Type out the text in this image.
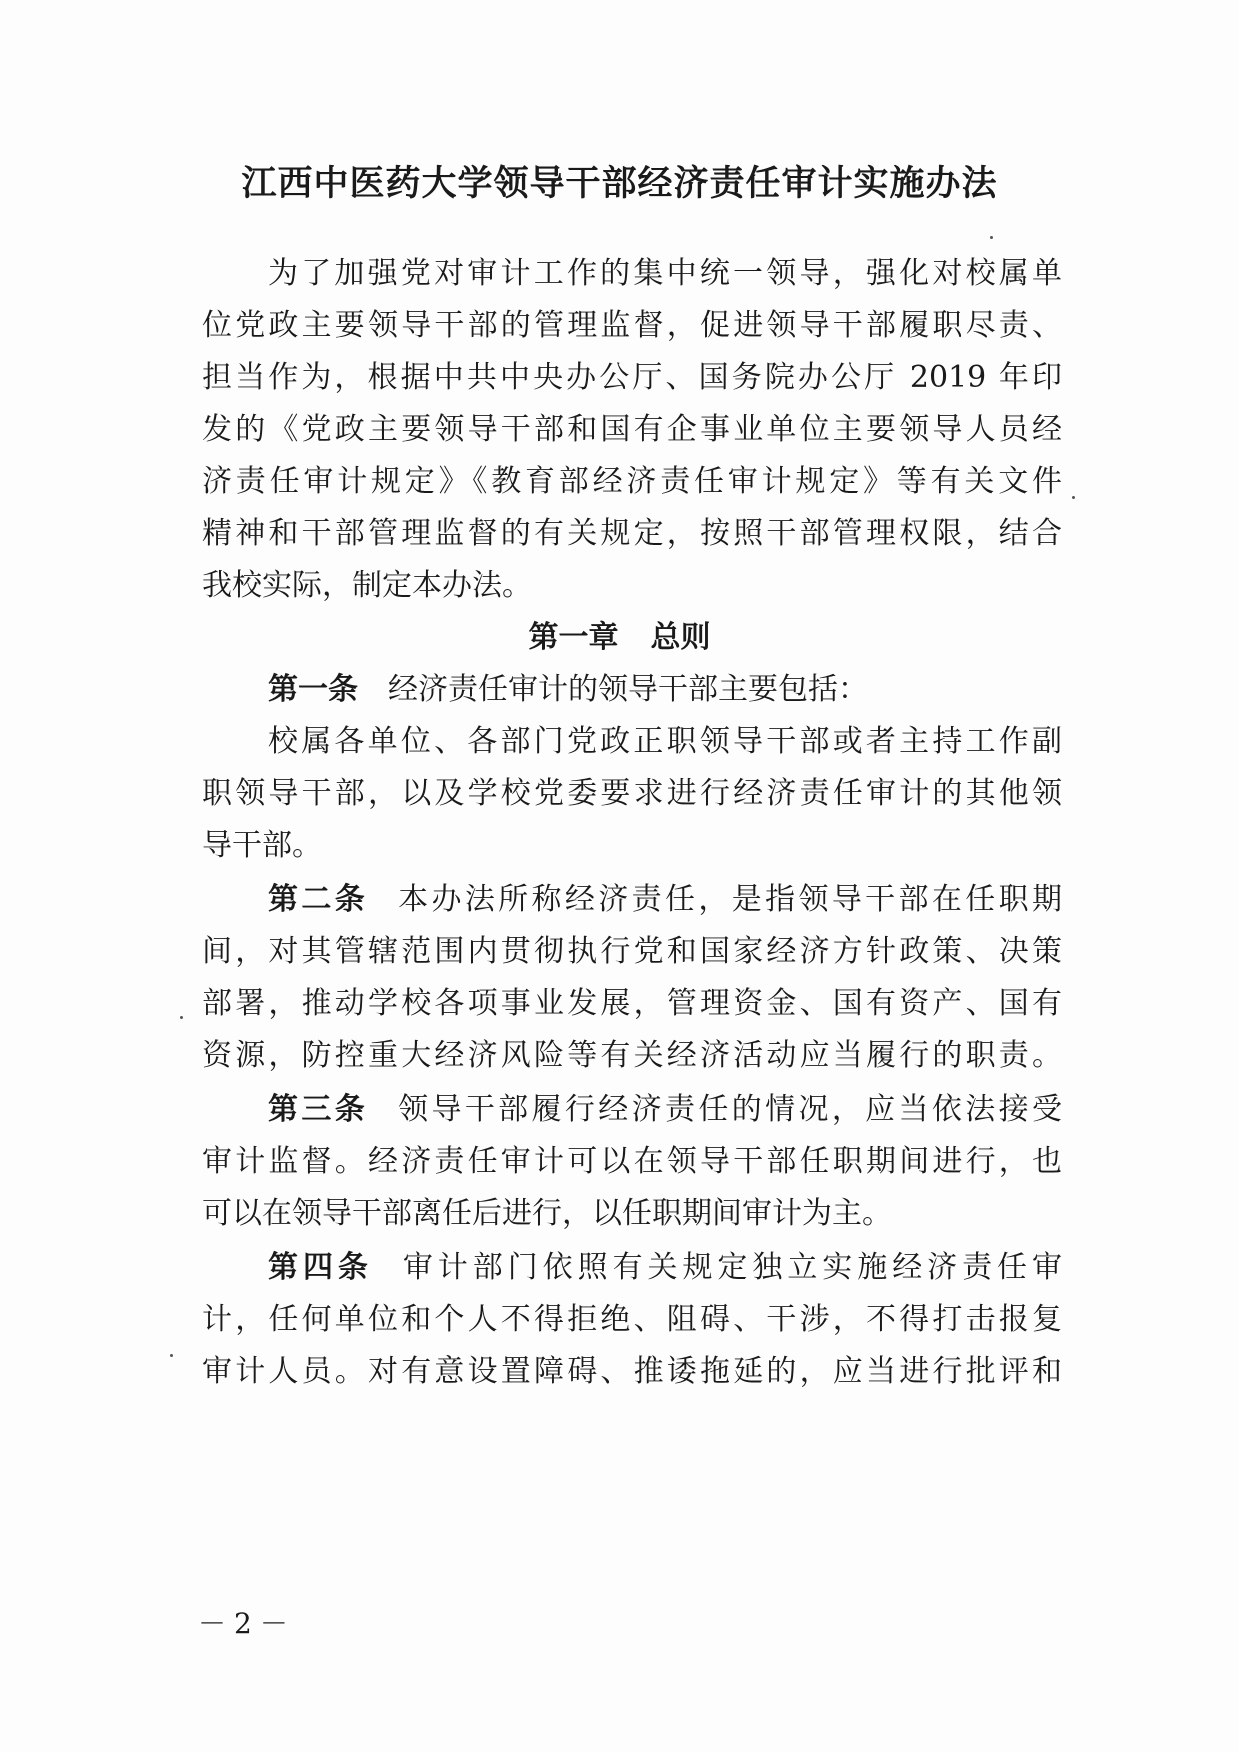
江西中医药大学领导干部经济责任审计实施办法
为了加强党对审计工作的集中统一领导，强化对校属单
位党政主要领导干部的管理监督，促进领导干部履职尽责、
担当作为，根据中共中央办公厅、国务院办公厅 2019 年印
发的《党政主要领导干部和国有企事业单位主要领导人员经
济责任审计规定》《教育部经济责任审计规定》等有关文件
精神和干部管理监督的有关规定，按照干部管理权限，结合
我校实际，制定本办法。
第一章 总则
第一条 经济责任审计的领导干部主要包括：
校属各单位、各部门党政正职领导干部或者主持工作副
职领导干部，以及学校党委要求进行经济责任审计的其他领
导干部。
第二条 本办法所称经济责任，是指领导干部在任职期
间，对其管辖范围内贯彻执行党和国家经济方针政策、决策
部署，推动学校各项事业发展，管理资金、国有资产、国有
资源，防控重大经济风险等有关经济活动应当履行的职责。
第三条 领导干部履行经济责任的情况，应当依法接受
审计监督。经济责任审计可以在领导干部任职期间进行，也
可以在领导干部离任后进行，以任职期间审计为主。
第四条 审计部门依照有关规定独立实施经济责任审
计，任何单位和个人不得拒绝、阻碍、干涉，不得打击报复
审计人员。对有意设置障碍、推诿拖延的，应当进行批评和
－2－
